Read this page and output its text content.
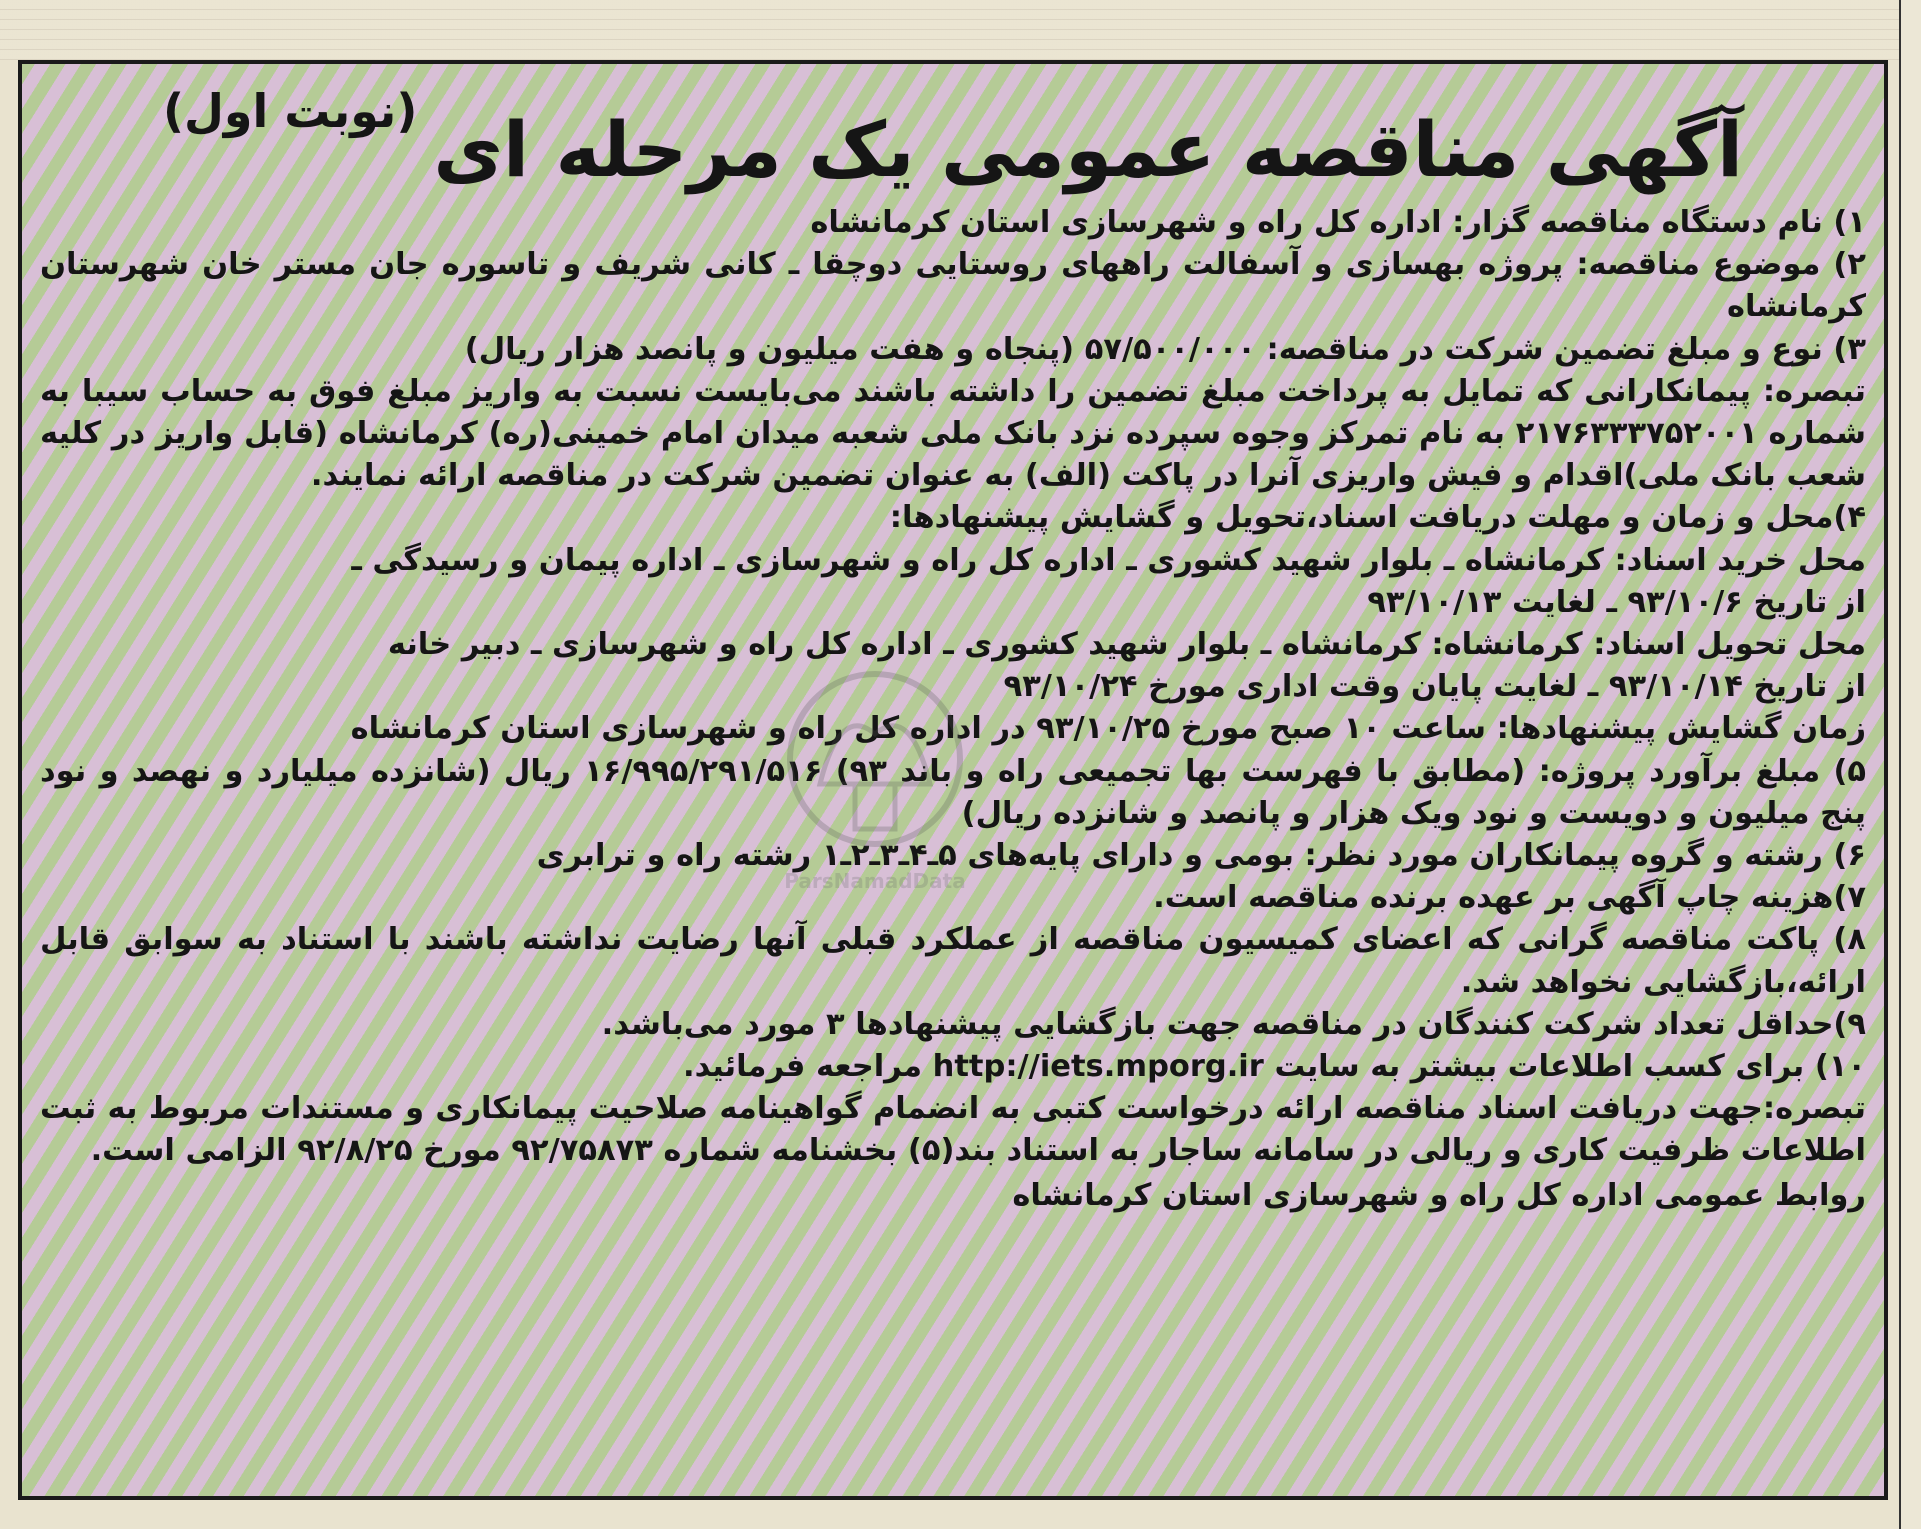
آگهی مناقصه عمومی یک مرحله ای
(نوبت اول)
۱) نام دستگاه مناقصه گزار: اداره کل راه و شهرسازی استان کرمانشاه
۲) موضوع مناقصه: پروژه بهسازی و آسفالت راههای روستایی دوچقا ـ کانی شریف و تاسوره جان مستر خان شهرستان کرمانشاه
۳) نوع و مبلغ تضمین شرکت در مناقصه: ۵۷/۵۰۰/۰۰۰ (پنجاه و هفت میلیون و پانصد هزار ریال)
تبصره: پیمانکارانی که تمایل به پرداخت مبلغ تضمین را داشته باشند می‌بایست نسبت به واریز مبلغ فوق به حساب سیبا به شماره ۲۱۷۶۳۳۳۷۵۲۰۰۱ به نام تمرکز وجوه سپرده نزد بانک ملی شعبه میدان امام خمینی(ره) کرمانشاه (قابل واریز در کلیه شعب بانک ملی)اقدام و فیش واریزی آنرا در پاکت (الف) به عنوان تضمین شرکت در مناقصه ارائه نمایند.
۴)محل و زمان و مهلت دریافت اسناد،تحویل و گشایش پیشنهادها:
محل خرید اسناد: کرمانشاه ـ بلوار شهید کشوری ـ اداره کل راه و شهرسازی ـ اداره پیمان و رسیدگی ـ
از تاریخ ۹۳/۱۰/۶ ـ لغایت ۹۳/۱۰/۱۳
محل تحویل اسناد: کرمانشاه: کرمانشاه ـ بلوار شهید کشوری ـ اداره کل راه و شهرسازی ـ دبیر خانه
از تاریخ ۹۳/۱۰/۱۴ ـ لغایت پایان وقت اداری مورخ ۹۳/۱۰/۲۴
زمان گشایش پیشنهادها: ساعت ۱۰ صبح مورخ ۹۳/۱۰/۲۵ در اداره کل راه و شهرسازی استان کرمانشاه
۵) مبلغ برآورد پروژه: (مطابق با فهرست بها تجمیعی راه و باند ۹۳) ۱۶/۹۹۵/۲۹۱/۵۱۶ ریال (شانزده میلیارد و نهصد و نود پنج میلیون و دویست و نود ویک هزار و پانصد و شانزده ریال)
۶) رشته و گروه پیمانکاران مورد نظر: بومی و دارای پایه‌های ۵ـ۴ـ۳ـ۲ـ۱ رشته راه و ترابری
۷)هزینه چاپ آگهی بر عهده برنده مناقصه است.
۸) پاکت مناقصه گرانی که اعضای کمیسیون مناقصه از عملکرد قبلی آنها رضایت نداشته باشند با استناد به سوابق قابل ارائه،بازگشایی نخواهد شد.
۹)حداقل تعداد شرکت کنندگان در مناقصه جهت بازگشایی پیشنهادها ۳ مورد می‌باشد.
۱۰) برای کسب اطلاعات بیشتر به سایت http://iets.mporg.ir مراجعه فرمائید.
تبصره:جهت دریافت اسناد مناقصه ارائه درخواست کتبی به انضمام گواهینامه صلاحیت پیمانکاری و مستندات مربوط به ثبت اطلاعات ظرفیت کاری و ریالی در سامانه ساجار به استناد بند(۵) بخشنامه شماره ۹۲/۷۵۸۷۳ مورخ ۹۲/۸/۲۵ الزامی است.
روابط عمومی اداره کل راه و شهرسازی استان کرمانشاه
ParsNamadData
